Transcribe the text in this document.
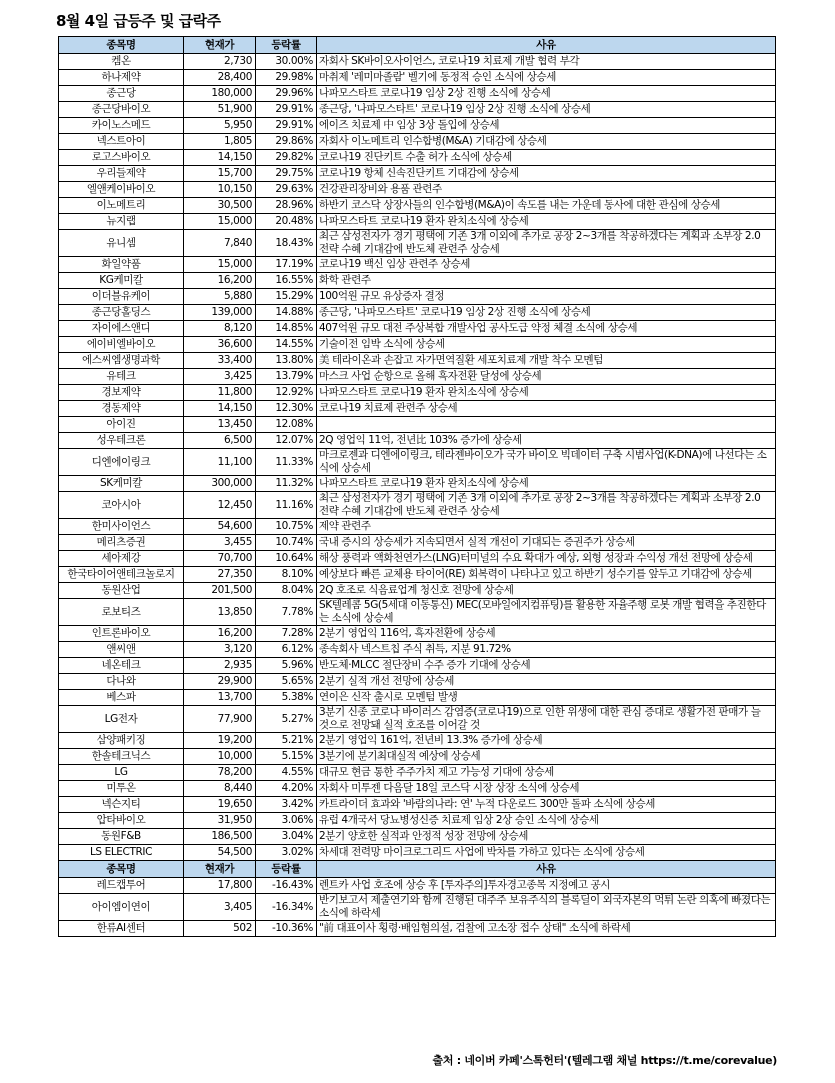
8월 4일 급등주 및 급락주
종목명	현재가	등락률	사유
켐온	2,730	30.00%	자회사 SK바이오사이언스, 코로나19 치료제 개발 협력 부각
하나제약	28,400	29.98%	마취제 '레미마졸람' 벨기에 동정적 승인 소식에 상승세
종근당	180,000	29.96%	나파모스타트 코로나19 임상 2상 진행 소식에 상승세
종근당바이오	51,900	29.91%	종근당, '나파모스타트' 코로나19 임상 2상 진행 소식에 상승세
카이노스메드	5,950	29.91%	에이즈 치료제 中 임상 3상 돌입에 상승세
넥스트아이	1,805	29.86%	자회사 이노메트리 인수합병(M&A) 기대감에 상승세
로고스바이오	14,150	29.82%	코로나19 진단키트 수출 허가 소식에 상승세
우리들제약	15,700	29.75%	코로나19 항체 신속진단키트 기대감에 상승세
엘앤케이바이오	10,150	29.63%	건강관리장비와 용품 관련주
이노메트리	30,500	28.96%	하반기 코스닥 상장사들의 인수합병(M&A)이 속도를 내는 가운데 동사에 대한 관심에 상승세
뉴지랩	15,000	20.48%	나파모스타트 코로나19 환자 완치소식에 상승세
유니셈	7,840	18.43%	최근 삼성전자가 경기 평택에 기존 3개 이외에 추가로 공장 2~3개를 착공하겠다는 계획과 소부장 2.0 전략 수혜 기대감에 반도체 관련주 상승세
화일약품	15,000	17.19%	코로나19 백신 임상 관련주 상승세
KG케미칼	16,200	16.55%	화학 관련주
이더블유케이	5,880	15.29%	100억원 규모 유상증자 결정
종근당홀딩스	139,000	14.88%	종근당, '나파모스타트' 코로나19 임상 2상 진행 소식에 상승세
자이에스앤디	8,120	14.85%	407억원 규모 대전 주상복합 개발사업 공사도급 약정 체결 소식에 상승세
에이비엘바이오	36,600	14.55%	기술이전 임박 소식에 상승세
에스씨엠생명과학	33,400	13.80%	美 테라이온과 손잡고 자가면역질환 세포치료제 개발 착수 모멘텀
유테크	3,425	13.79%	마스크 사업 순항으로 올해 흑자전환 달성에 상승세
경보제약	11,800	12.92%	나파모스타트 코로나19 환자 완치소식에 상승세
경동제약	14,150	12.30%	코로나19 치료제 관련주 상승세
아이진	13,450	12.08%	
성우테크론	6,500	12.07%	2Q 영업익 11억, 전년比 103% 증가에 상승세
디엔에이링크	11,100	11.33%	마크로젠과 디엔에이링크, 테라젠바이오가 국가 바이오 빅데이터 구축 시범사업(K-DNA)에 나선다는 소식에 상승세
SK케미칼	300,000	11.32%	나파모스타트 코로나19 환자 완치소식에 상승세
코아시아	12,450	11.16%	최근 삼성전자가 경기 평택에 기존 3개 이외에 추가로 공장 2~3개를 착공하겠다는 계획과 소부장 2.0 전략 수혜 기대감에 반도체 관련주 상승세
한미사이언스	54,600	10.75%	제약 관련주
메리츠증권	3,455	10.74%	국내 증시의 상승세가 지속되면서 실적 개선이 기대되는 증권주가 상승세
세아제강	70,700	10.64%	해상 풍력과 액화천연가스(LNG)터미널의 수요 확대가 예상, 외형 성장과 수익성 개선 전망에 상승세
한국타이어앤테크놀로지	27,350	8.10%	예상보다 빠른 교체용 타이어(RE) 회복력이 나타나고 있고 하반기 성수기를 앞두고 기대감에 상승세
동원산업	201,500	8.04%	2Q 호조로 식음료업계 청신호 전망에 상승세
로보티즈	13,850	7.78%	SK텔레콤 5G(5세대 이동통신) MEC(모바일에지컴퓨팅)를 활용한 자율주행 로봇 개발 협력을 추진한다는 소식에 상승세
인트론바이오	16,200	7.28%	2분기 영업익 116억, 흑자전환에 상승세
앤씨앤	3,120	6.12%	종속회사 넥스트칩 주식 취득, 지분 91.72%
네온테크	2,935	5.96%	반도체·MLCC 절단장비 수주 증가 기대에 상승세
다나와	29,900	5.65%	2분기 실적 개선 전망에 상승세
베스파	13,700	5.38%	연이은 신작 출시로 모멘텀 발생
LG전자	77,900	5.27%	3분기 신종 코로나 바이러스 감염증(코로나19)으로 인한 위생에 대한 관심 증대로 생활가전 판매가 늘 것으로 전망돼 실적 호조를 이어갈 것
삼양패키징	19,200	5.21%	2분기 영업익 161억, 전년비 13.3% 증가에 상승세
한솔테크닉스	10,000	5.15%	3분기에 분기최대실적 예상에 상승세
LG	78,200	4.55%	대규모 현금 통한 주주가치 제고 가능성 기대에 상승세
미투온	8,440	4.20%	자회사 미투젠 다음달 18일 코스닥 시장 상장 소식에 상승세
넥슨지티	19,650	3.42%	카트라이더 효과와 '바람의나라: 연' 누적 다운로드 300만 돌파 소식에 상승세
압타바이오	31,950	3.06%	유럽 4개국서 당뇨병성신증 치료제 임상 2상 승인 소식에 상승세
동원F&B	186,500	3.04%	2분기 양호한 실적과 안정적 성장 전망에 상승세
LS ELECTRIC	54,500	3.02%	차세대 전력망 마이크로그리드 사업에 박차를 가하고 있다는 소식에 상승세
종목명	현재가	등락률	사유
레드캡투어	17,800	-16.43%	렌트카 사업 호조에 상승 후 [투자주의]투자경고종목 지정예고 공시
아이엠이연이	3,405	-16.34%	반기보고서 제출연기와 함께 진행된 대주주 보유주식의 블록딜이 외국자본의 먹튀 논란 의혹에 빠졌다는 소식에 하락세
한류AI센터	502	-10.36%	"前 대표이사 횡령·배임혐의설, 검찰에 고소장 접수 상태" 소식에 하락세
출처 : 네이버 카페'스톡헌터'(텔레그램 채널 https://t.me/corevalue)
